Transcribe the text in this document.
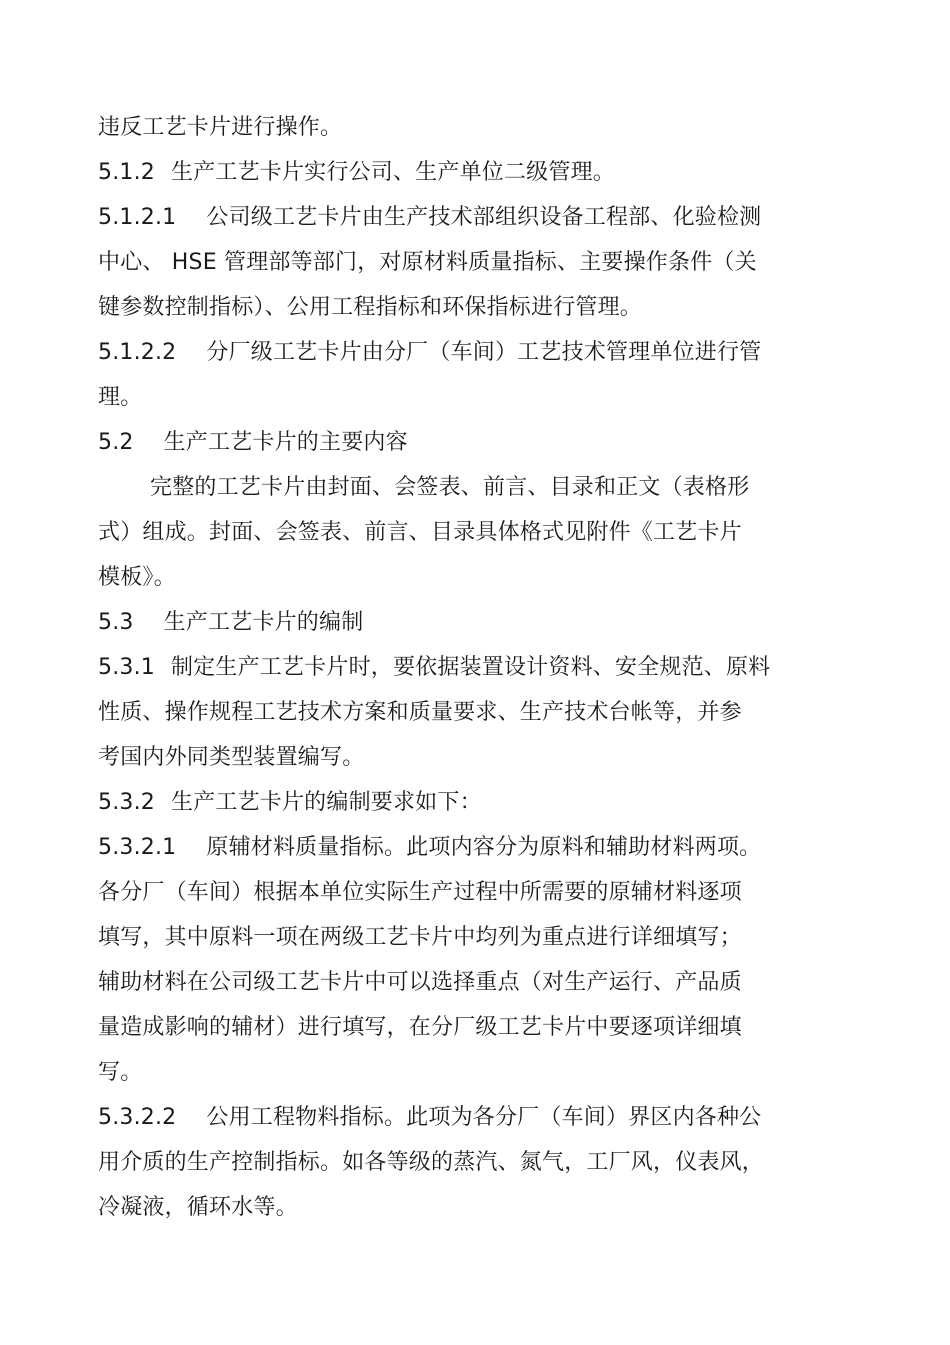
违反工艺卡片进行操作。
5.1.2 生产工艺卡片实行公司、生产单位二级管理。
5.1.2.1 公司级工艺卡片由生产技术部组织设备工程部、化验检测
中心、 HSE 管理部等部门，对原材料质量指标、主要操作条件（关
键参数控制指标）、公用工程指标和环保指标进行管理。
5.1.2.2 分厂级工艺卡片由分厂（车间）工艺技术管理单位进行管
理。
5.2 生产工艺卡片的主要内容
完整的工艺卡片由封面、会签表、前言、目录和正文（表格形
式）组成。封面、会签表、前言、目录具体格式见附件《工艺卡片
模板》。
5.3 生产工艺卡片的编制
5.3.1 制定生产工艺卡片时，要依据装置设计资料、安全规范、原料
性质、操作规程工艺技术方案和质量要求、生产技术台帐等，并参
考国内外同类型装置编写。
5.3.2 生产工艺卡片的编制要求如下：
5.3.2.1 原辅材料质量指标。此项内容分为原料和辅助材料两项。
各分厂（车间）根据本单位实际生产过程中所需要的原辅材料逐项
填写，其中原料一项在两级工艺卡片中均列为重点进行详细填写；
辅助材料在公司级工艺卡片中可以选择重点（对生产运行、产品质
量造成影响的辅材）进行填写，在分厂级工艺卡片中要逐项详细填
写。
5.3.2.2 公用工程物料指标。此项为各分厂（车间）界区内各种公
用介质的生产控制指标。如各等级的蒸汽、氮气，工厂风，仪表风，
冷凝液，循环水等。
